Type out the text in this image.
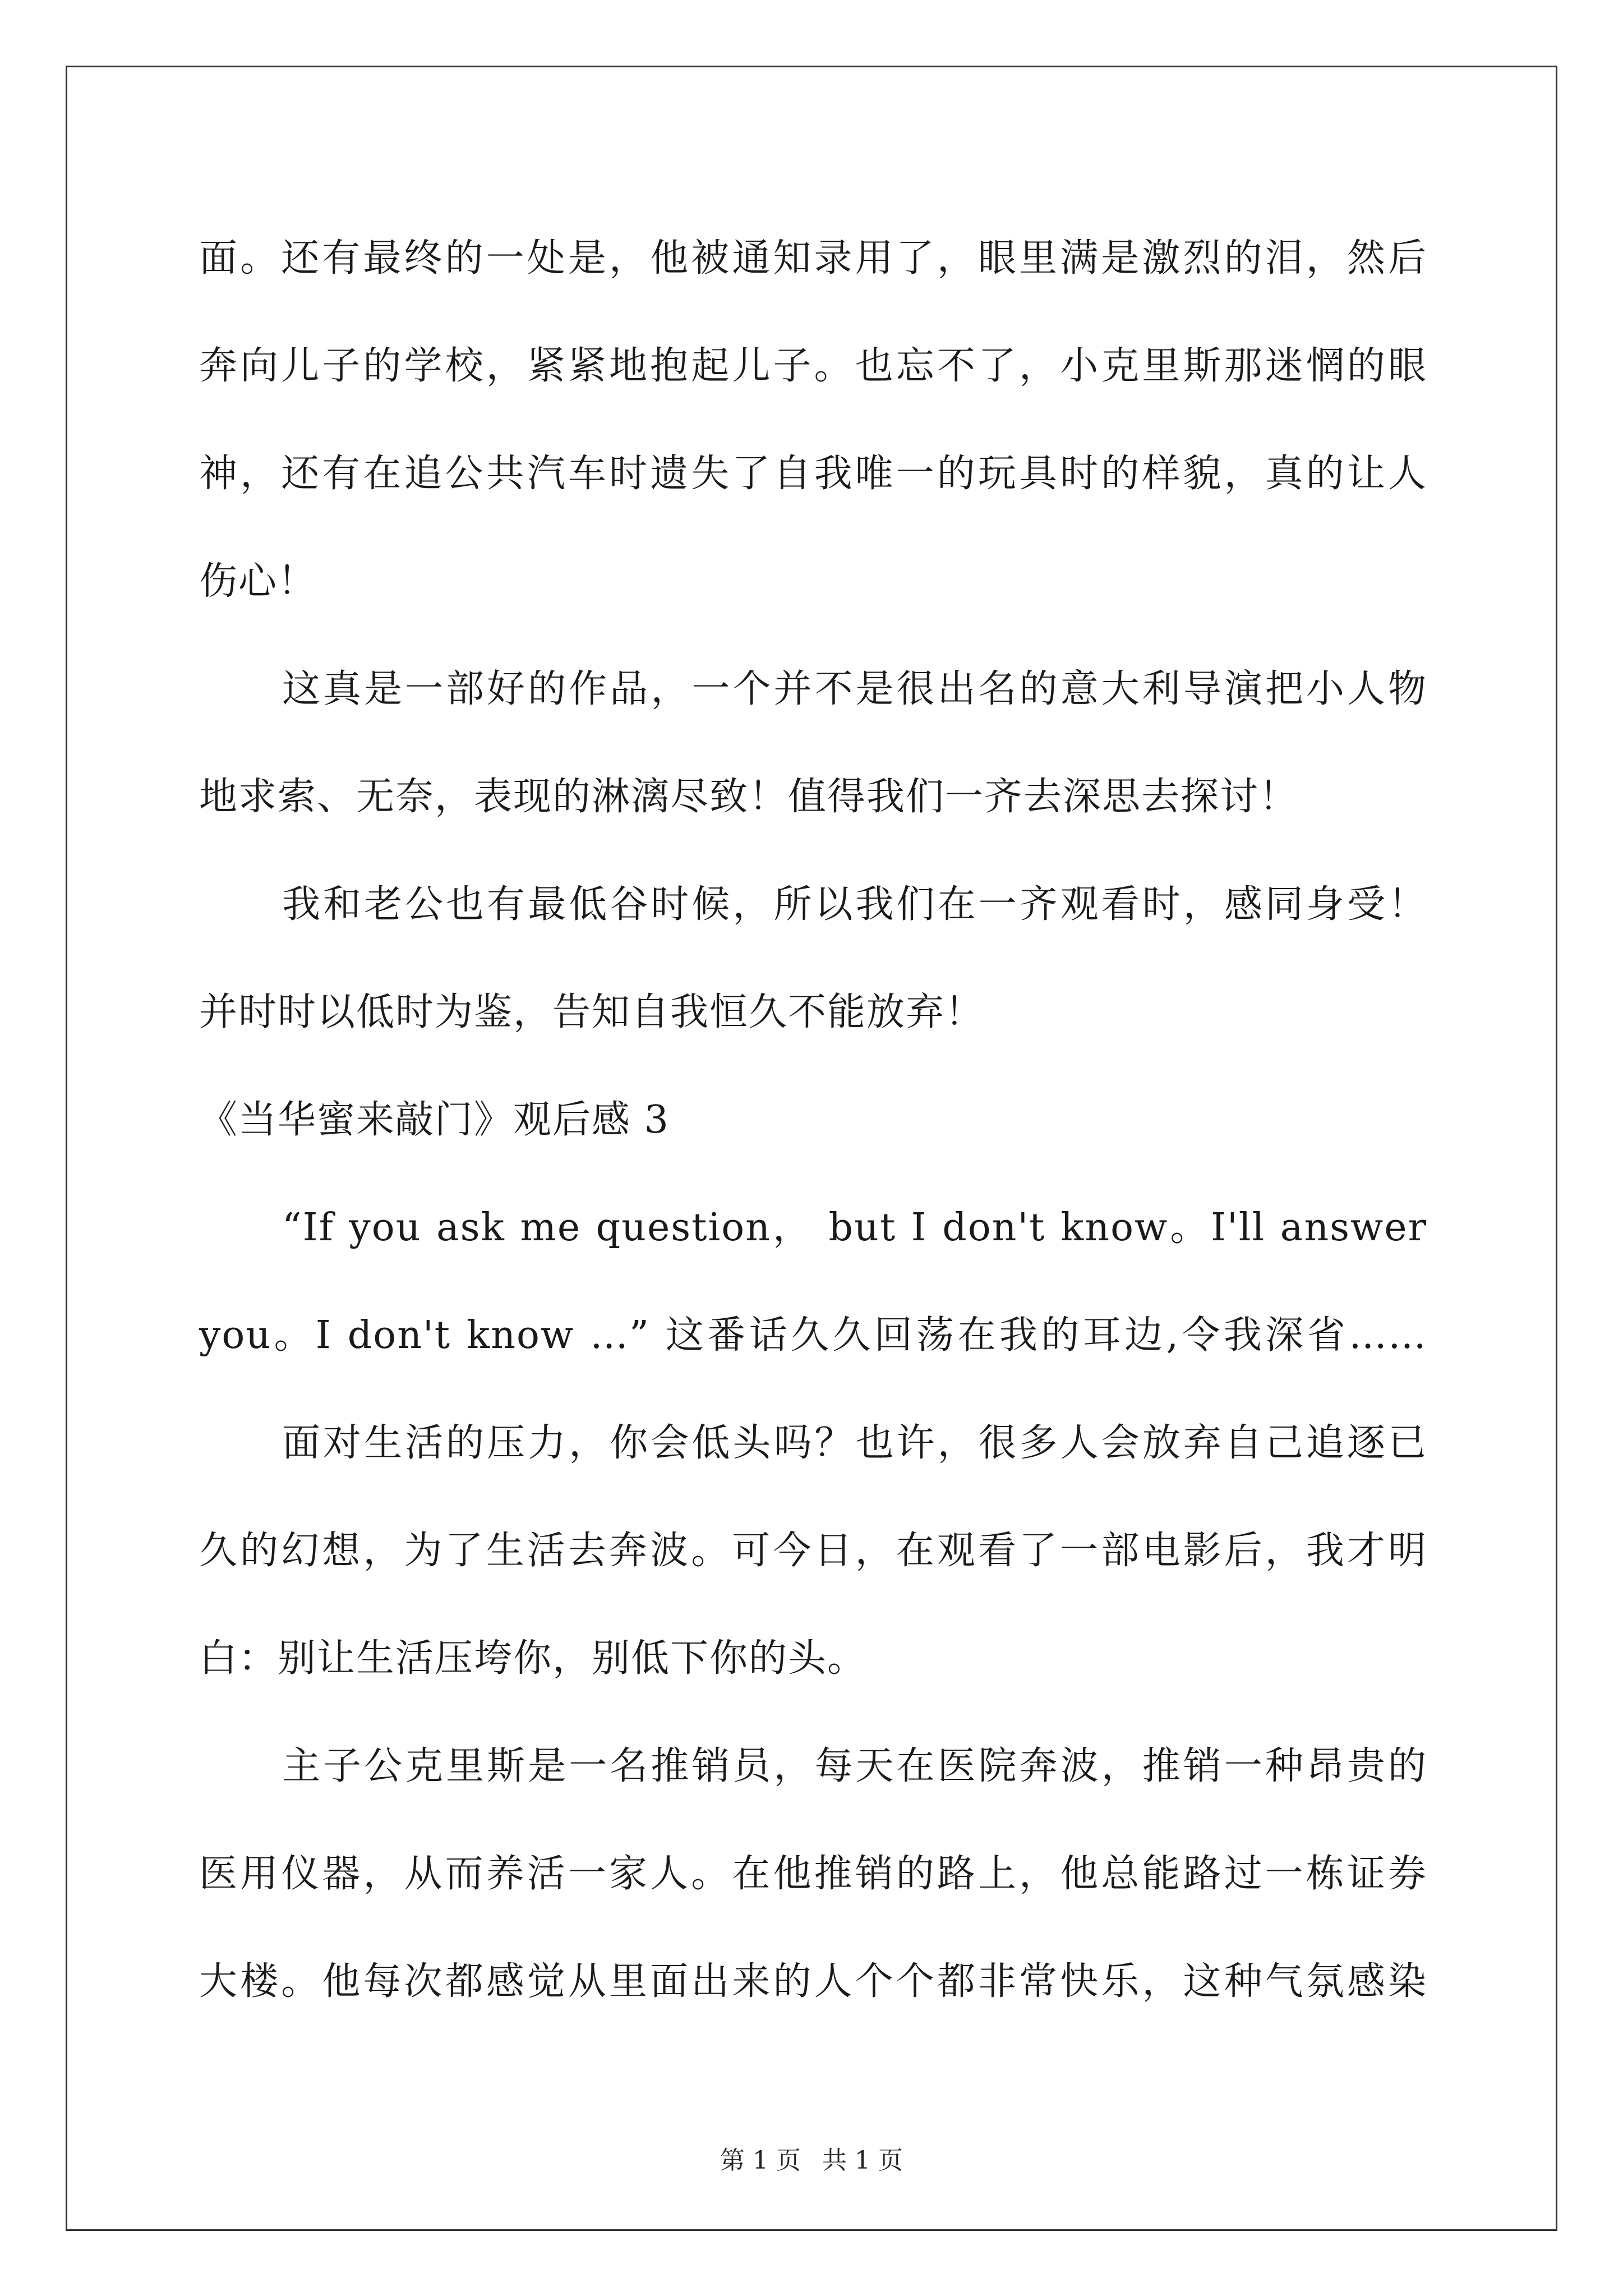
面。还有最终的一处是，他被通知录用了，眼里满是激烈的泪，然后
奔向儿子的学校，紧紧地抱起儿子。也忘不了，小克里斯那迷惘的眼
神，还有在追公共汽车时遗失了自我唯一的玩具时的样貌，真的让人
伤心！
这真是一部好的作品，一个并不是很出名的意大利导演把小人物
地求索、无奈，表现的淋漓尽致！值得我们一齐去深思去探讨！
我和老公也有最低谷时候，所以我们在一齐观看时，感同身受！
并时时以低时为鉴，告知自我恒久不能放弃！
《当华蜜来敲门》观后感 3
“If you ask me question， but I don't know。I'll answer
you。I don't know …” 这番话久久回荡在我的耳边,令我深省……
面对生活的压力，你会低头吗？也许，很多人会放弃自己追逐已
久的幻想，为了生活去奔波。可今日，在观看了一部电影后，我才明
白：别让生活压垮你，别低下你的头。
主子公克里斯是一名推销员，每天在医院奔波，推销一种昂贵的
医用仪器，从而养活一家人。在他推销的路上，他总能路过一栋证券
大楼。他每次都感觉从里面出来的人个个都非常快乐，这种气氛感染
第 1 页 共 1 页
